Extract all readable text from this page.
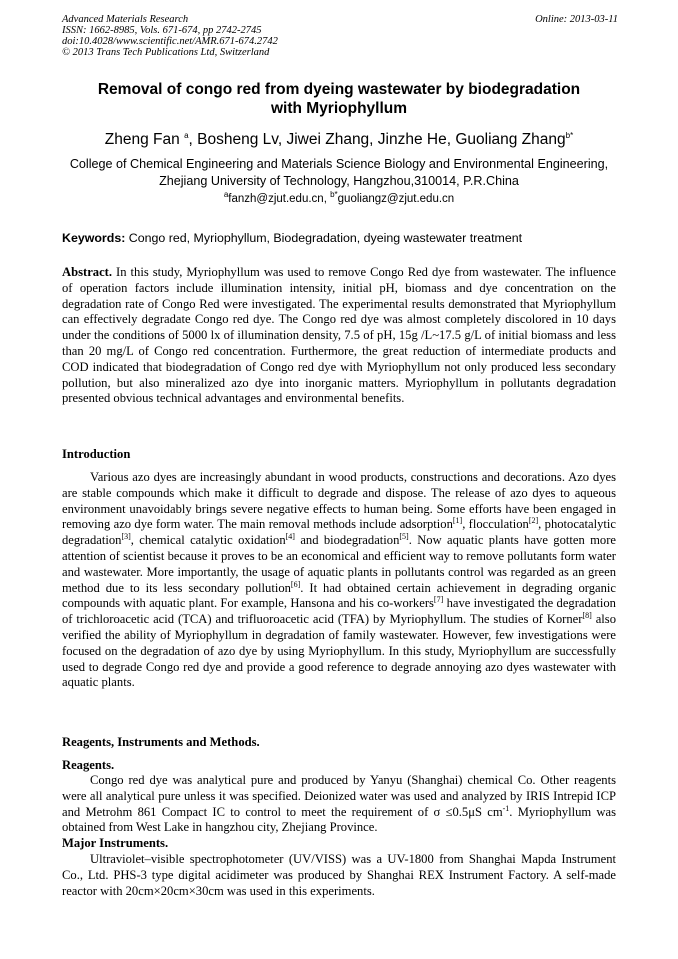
Advanced Materials Research
ISSN: 1662-8985, Vols. 671-674, pp 2742-2745
doi:10.4028/www.scientific.net/AMR.671-674.2742
© 2013 Trans Tech Publications Ltd, Switzerland
Online: 2013-03-11
Removal of congo red from dyeing wastewater by biodegradation
with Myriophyllum
Zheng Fan $^a$, Bosheng Lv, Jiwei Zhang, Jinzhe He, Guoliang Zhang$^{b*}$
College of Chemical Engineering and Materials Science Biology and Environmental Engineering,
Zhejiang University of Technology, Hangzhou,310014, P.R.China
$^a$fanzh@zjut.edu.cn, $^{b*}$guoliangz@zjut.edu.cn
Keywords: Congo red, Myriophyllum, Biodegradation, dyeing wastewater treatment

Abstract. In this study, Myriophyllum was used to remove Congo Red dye from wastewater. The influence of operation factors include illumination intensity, initial pH, biomass and dye concentration on the degradation rate of Congo Red were investigated. The experimental results demonstrated that Myriophyllum can effectively degradate Congo red dye. The Congo red dye was almost completely discolored in 10 days under the conditions of 5000 lx of illumination density, 7.5 of pH, 15g /L~17.5 g/L of initial biomass and less than 20 mg/L of Congo red concentration. Furthermore, the great reduction of intermediate products and COD indicated that biodegradation of Congo red dye with Myriophyllum not only produced less secondary pollution, but also mineralized azo dye into inorganic matters. Myriophyllum in pollutants degradation presented obvious technical advantages and environmental benefits.

Introduction

Various azo dyes are increasingly abundant in wood products, constructions and decorations. Azo dyes are stable compounds which make it difficult to degrade and dispose. The release of azo dyes to aqueous environment unavoidably brings severe negative effects to human being. Some efforts have been engaged in removing azo dye form water. The main removal methods include adsorption[1], flocculation[2], photocatalytic degradation[3], chemical catalytic oxidation[4] and biodegradation[5]. Now aquatic plants have gotten more attention of scientist because it proves to be an economical and efficient way to remove pollutants form water and wastewater. More importantly, the usage of aquatic plants in pollutants control was regarded as an green method due to its less secondary pollution[6]. It had obtained certain achievement in degrading organic compounds with aquatic plant. For example, Hansona and his co-workers[7] have investigated the degradation of trichloroacetic acid (TCA) and trifluoroacetic acid (TFA) by Myriophyllum. The studies of Korner[8] also verified the ability of Myriophyllum in degradation of family wastewater. However, few investigations were focused on the degradation of azo dye by using Myriophyllum. In this study, Myriophyllum are successfully used to degrade Congo red dye and provide a good reference to degrade annoying azo dyes wastewater with aquatic plants.

Reagents, Instruments and Methods.
Reagents.

Congo red dye was analytical pure and produced by Yanyu (Shanghai) chemical Co. Other reagents were all analytical pure unless it was specified. Deionized water was used and analyzed by IRIS Intrepid ICP and Metrohm 861 Compact IC to control to meet the requirement of σ ≤0.5μS $cm^{-1}$. Myriophyllum was obtained from West Lake in hangzhou city, Zhejiang Province.

Major Instruments.

Ultraviolet–visible spectrophotometer (UV/VISS) was a UV-1800 from Shanghai Mapda Instrument Co., Ltd. PHS-3 type digital acidimeter was produced by Shanghai REX Instrument Factory. A self-made reactor with 20cm×20cm×30cm was used in this experiments.
